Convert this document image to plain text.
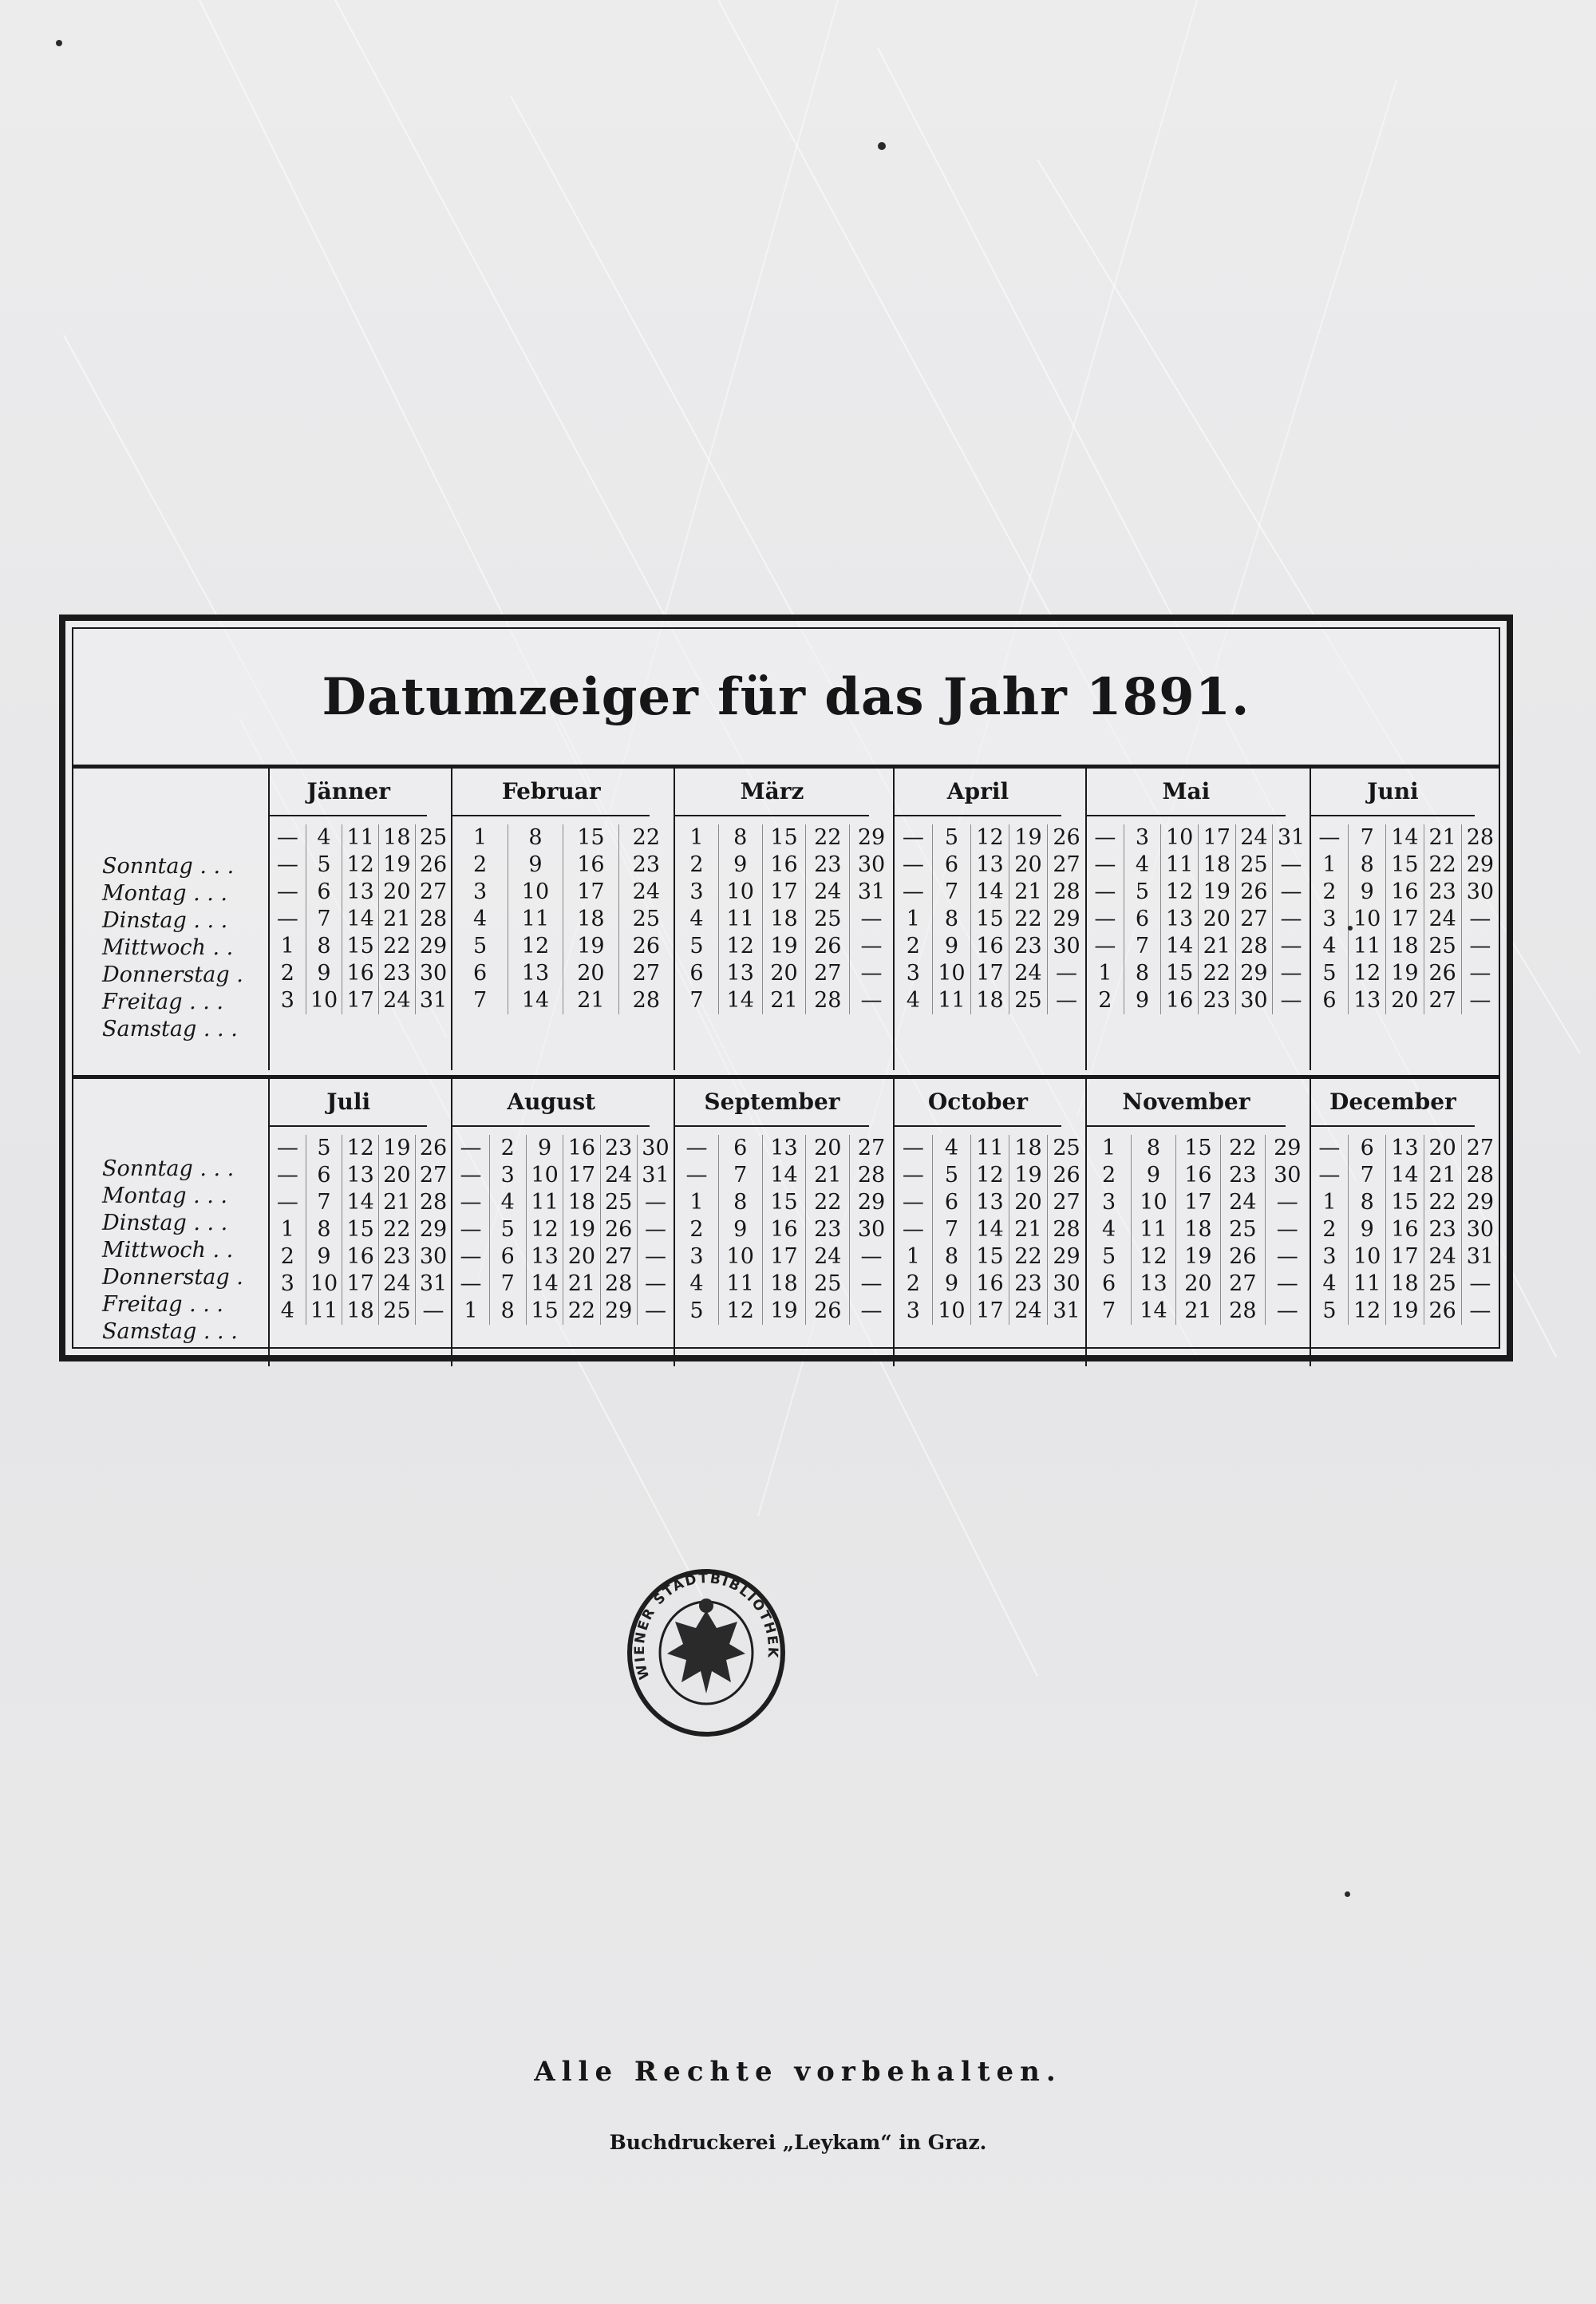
Datumzeiger für das Jahr 1891.
Sonntag . . .
Montag . . .
Dinstag . . .
Mittwoch . .
Donnerstag .
Freitag . . .
Samstag . . .
Jänner
—
—
—
—
1
2
3
4
5
6
7
8
9
10
11
12
13
14
15
16
17
18
19
20
21
22
23
24
25
26
27
28
29
30
31
Februar
1
2
3
4
5
6
7
8
9
10
11
12
13
14
15
16
17
18
19
20
21
22
23
24
25
26
27
28
März
1
2
3
4
5
6
7
8
9
10
11
12
13
14
15
16
17
18
19
20
21
22
23
24
25
26
27
28
29
30
31
—
—
—
—
April
—
—
—
1
2
3
4
5
6
7
8
9
10
11
12
13
14
15
16
17
18
19
20
21
22
23
24
25
26
27
28
29
30
—
—
Mai
—
—
—
—
—
1
2
3
4
5
6
7
8
9
10
11
12
13
14
15
16
17
18
19
20
21
22
23
24
25
26
27
28
29
30
31
—
—
—
—
—
—
Juni
—
1
2
3
4
5
6
7
8
9
10
11
12
13
14
15
16
17
18
19
20
21
22
23
24
25
26
27
28
29
30
—
—
—
—
Sonntag . . .
Montag . . .
Dinstag . . .
Mittwoch . .
Donnerstag .
Freitag . . .
Samstag . . .
Juli
—
—
—
1
2
3
4
5
6
7
8
9
10
11
12
13
14
15
16
17
18
19
20
21
22
23
24
25
26
27
28
29
30
31
—
August
—
—
—
—
—
—
1
2
3
4
5
6
7
8
9
10
11
12
13
14
15
16
17
18
19
20
21
22
23
24
25
26
27
28
29
30
31
—
—
—
—
—
September
—
—
1
2
3
4
5
6
7
8
9
10
11
12
13
14
15
16
17
18
19
20
21
22
23
24
25
26
27
28
29
30
—
—
—
October
—
—
—
—
1
2
3
4
5
6
7
8
9
10
11
12
13
14
15
16
17
18
19
20
21
22
23
24
25
26
27
28
29
30
31
November
1
2
3
4
5
6
7
8
9
10
11
12
13
14
15
16
17
18
19
20
21
22
23
24
25
26
27
28
29
30
—
—
—
—
—
December
—
—
1
2
3
4
5
6
7
8
9
10
11
12
13
14
15
16
17
18
19
20
21
22
23
24
25
26
27
28
29
30
31
—
—
WIENER STADTBIBLIOTHEK
Alle Rechte vorbehalten.
Buchdruckerei „Leykam“ in Graz.
